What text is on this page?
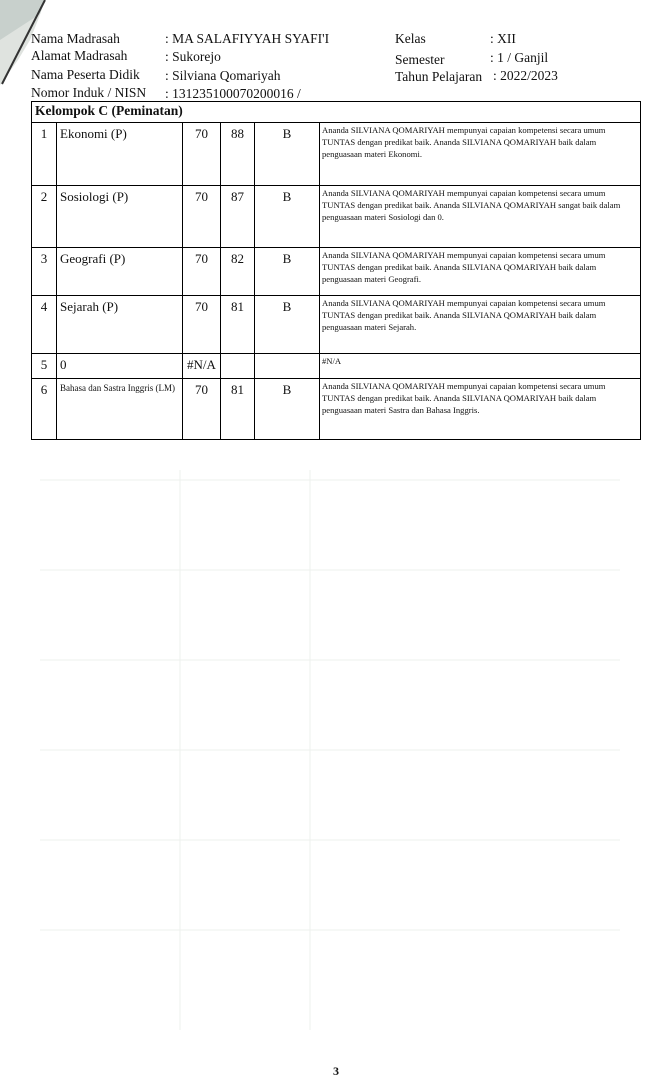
Nama Madrasah	: MA SALAFIYYAH SYAFI'I	Kelas	: XII
Alamat Madrasah	: Sukorejo	Semester	: 1 / Ganjil
Nama Peserta Didik : Silviana Qomariyah	Tahun Pelajaran : 2022/2023
Nomor Induk / NISN : 131235100070200016 /
Kelompok C (Peminatan)					
1	Ekonomi (P)	70	88	B	Ananda SILVIANA QOMARIYAH mempunyai capaian kompetensi secara umum TUNTAS dengan predikat baik. Ananda SILVIANA QOMARIYAH baik dalam penguasaan materi Ekonomi.
2	Sosiologi (P)	70	87	B	Ananda SILVIANA QOMARIYAH mempunyai capaian kompetensi secara umum TUNTAS dengan predikat baik. Ananda SILVIANA QOMARIYAH sangat baik dalam penguasaan materi Sosiologi dan 0.
3	Geografi (P)	70	82	B	Ananda SILVIANA QOMARIYAH mempunyai capaian kompetensi secara umum TUNTAS dengan predikat baik. Ananda SILVIANA QOMARIYAH baik dalam penguasaan materi Geografi.
4	Sejarah (P)	70	81	B	Ananda SILVIANA QOMARIYAH mempunyai capaian kompetensi secara umum TUNTAS dengan predikat baik. Ananda SILVIANA QOMARIYAH baik dalam penguasaan materi Sejarah.
5	0	#N/A			#N/A
6	Bahasa dan Sastra Inggris (LM)	70	81	B	Ananda SILVIANA QOMARIYAH mempunyai capaian kompetensi secara umum TUNTAS dengan predikat baik. Ananda SILVIANA QOMARIYAH baik dalam penguasaan materi Sastra dan Bahasa Inggris.
3
